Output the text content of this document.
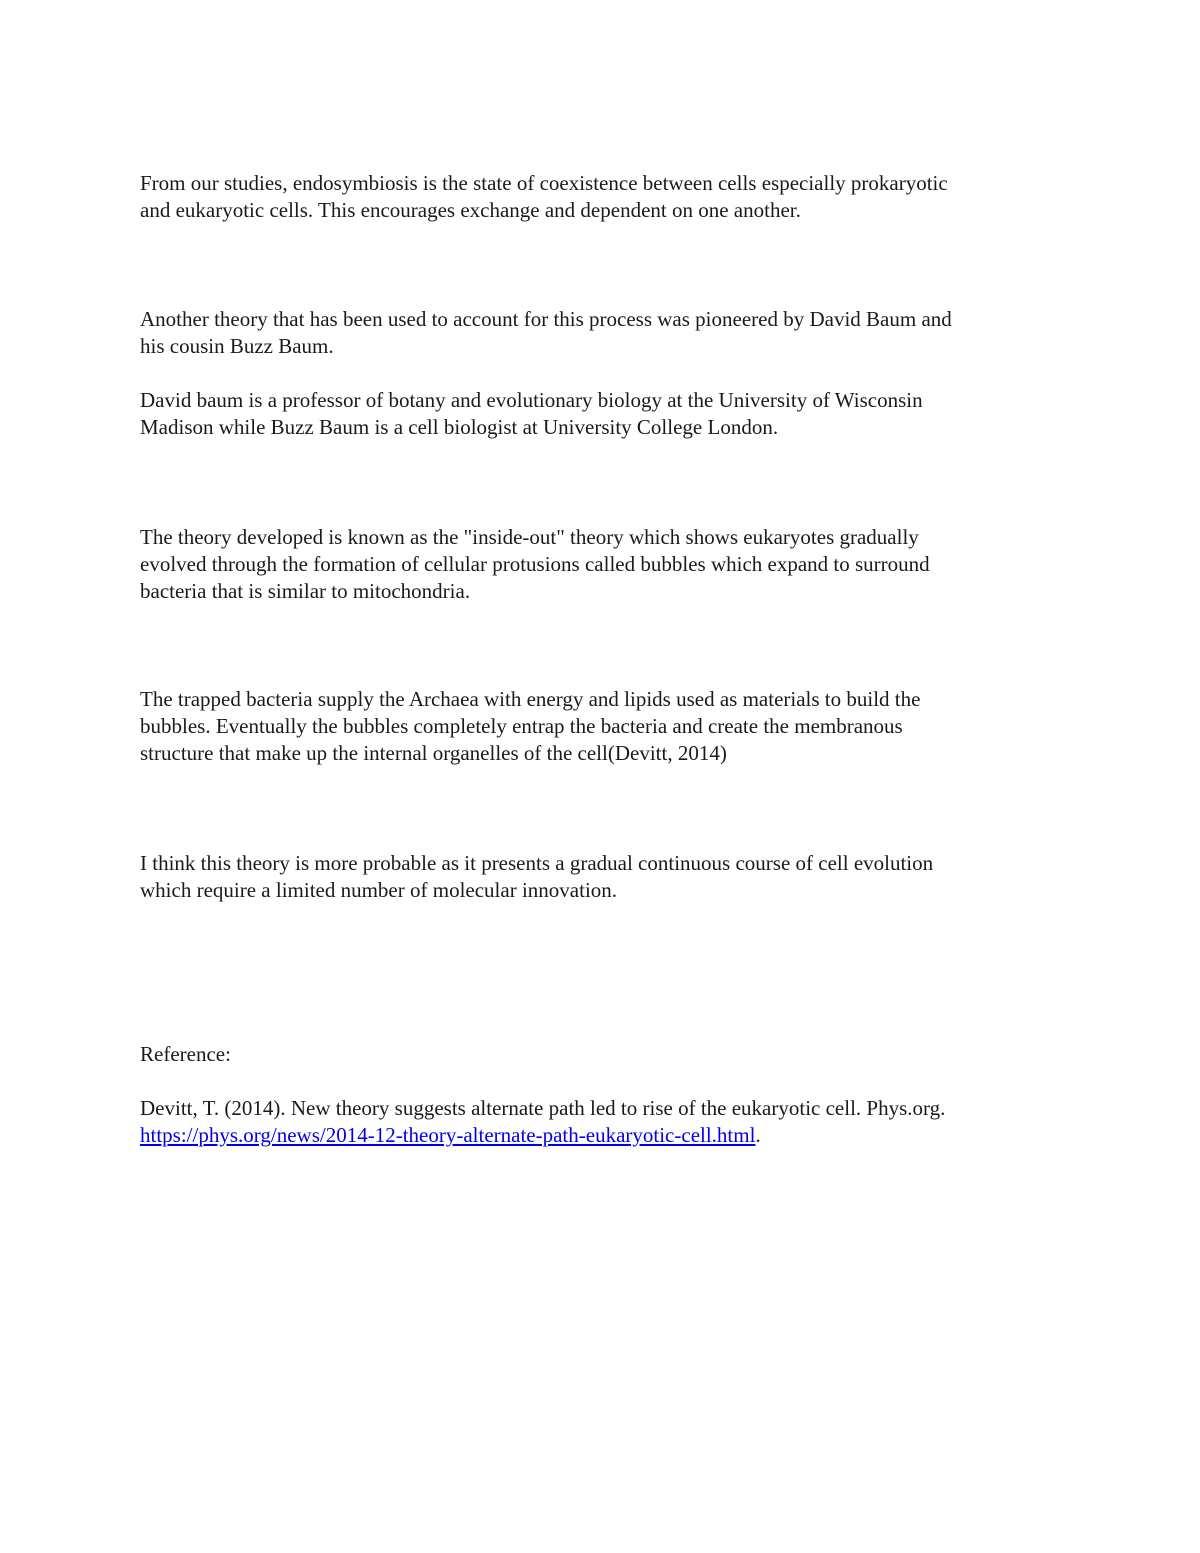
From our studies, endosymbiosis is the state of coexistence between cells especially prokaryotic
and eukaryotic cells. This encourages exchange and dependent on one another.

Another theory that has been used to account for this process was pioneered by David Baum and
his cousin Buzz Baum.

David baum is a professor of botany and evolutionary biology at the University of Wisconsin
Madison while Buzz Baum is a cell biologist at University College London.

The theory developed is known as the "inside-out" theory which shows eukaryotes gradually
evolved through the formation of cellular protusions called bubbles which expand to surround
bacteria that is similar to mitochondria.

The trapped bacteria supply the Archaea with energy and lipids used as materials to build the
bubbles. Eventually the bubbles completely entrap the bacteria and create the membranous
structure that make up the internal organelles of the cell(Devitt, 2014)

I think this theory is more probable as it presents a gradual continuous course of cell evolution
which require a limited number of molecular innovation.

Reference:

Devitt, T. (2014). New theory suggests alternate path led to rise of the eukaryotic cell. Phys.org.
https://phys.org/news/2014-12-theory-alternate-path-eukaryotic-cell.html.
